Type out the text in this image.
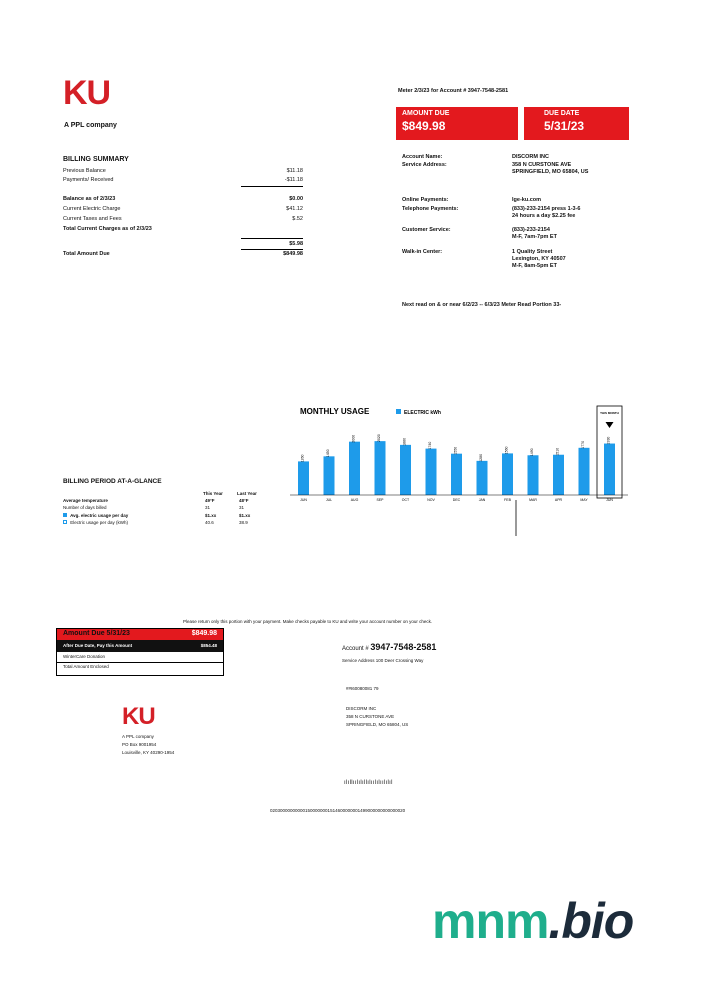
KU
A PPL company
BILLING SUMMARY
Previous Balance	$11.18
Payments/ Received	-$11.18
Balance as of 2/3/23	$0.00
Current Electric Charge	$41.12
Current Taxes and Fees	$.52
Total Current Charges as of 2/3/23
$5.98
Total Amount Due	$849.98
Meter 2/3/23 for Account # 3947-7548-2581
AMOUNT DUE
$849.98
DUE DATE
5/31/23
Account Name:	DISCORM INC
Service Address:	358 N CURSTONE AVE
SPRINGFIELD, MO 65804, US
Online Payments:	lge-ku.com
Telephone Payments:	(833)-233-2154 press 1-3-6
24 hours a day $2.25 fee
Customer Service:	(833)-233-2154
M-F, 7am-7pm ET
Walk-in Center:	1 Quality Street
Lexington, KY 40507
M-F, 8am-5pm ET
Next read on & or near 6/2/23 -- 6/3/23 Meter Read Portion 33-
MONTHLY USAGE	ELECTRIC kWh
1260
JUN
1450
JUL
2000
AUG
2020
SEP
1880
OCT
1740
NOV
1550
DEC
1280
JAN
1560
FEB
1490
MAR
1510
APR
1770
MAY
1930
JUN
THIS MONTH
BILLING PERIOD AT-A-GLANCE
This Year	Last Year
Average temperature	49°F	48°F
Number of days billed	31	31
Avg. electric usage per day	$1.xx	$1.xx
Electric usage per day (kWh)	40.6	38.9
Please return only this portion with your payment. Make checks payable to KU and write your account number on your check.
Amount Due 5/31/23	$849.98
After Due Date, Pay this Amount	$854.48
WinterCare Donation
Total Amount Enclosed
Account # 3947-7548-2581
Service Address 100 Deer Crossing Way
##I60080081 79
DISCORM INC
358 N CURSTONE AVE
SPRINGFIELD, MO 65804, US
KU
A PPL company
PO Box 9001954
Louisville, KY 40290-1954
ılıllıılılıllılıılılıılılıl
020300000000001500000001514600000001499000000000000020
mnm.bio
